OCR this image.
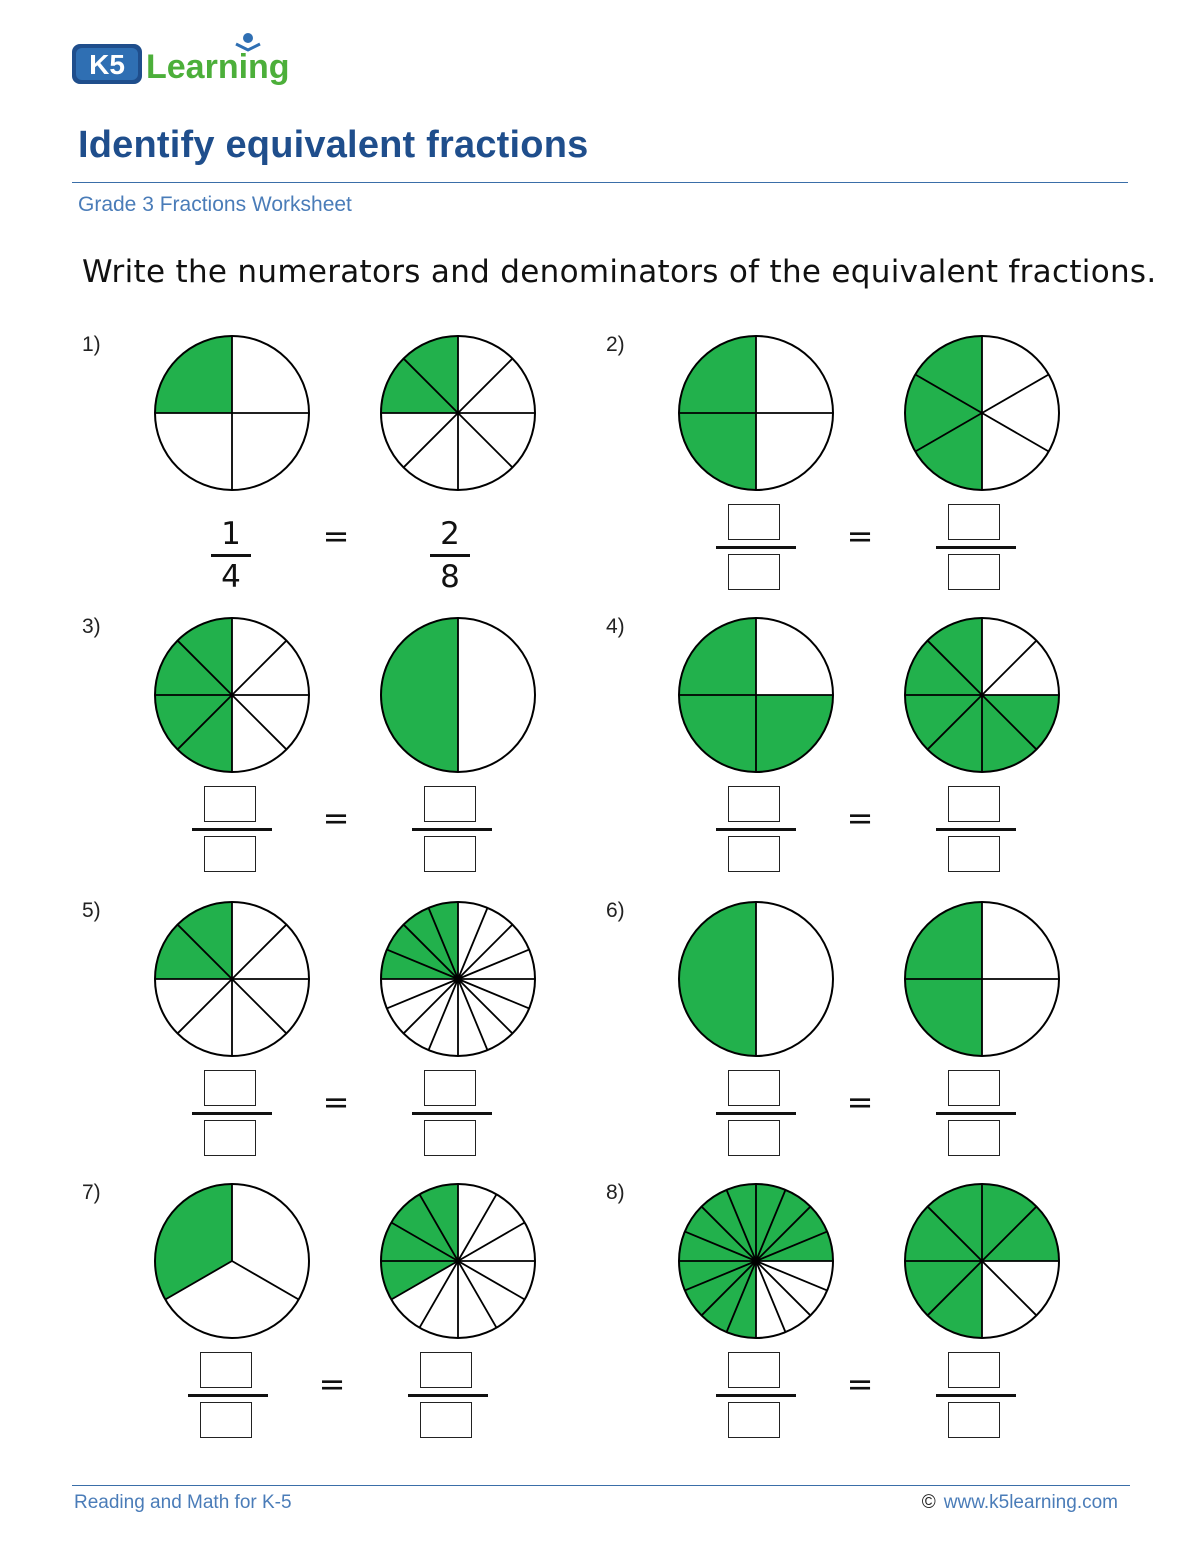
K5 Learning
Identify equivalent fractions
Grade 3 Fractions Worksheet
Write the numerators and denominators of the equivalent fractions.
1)
1
4
=	2
8
2)
=
3)
=
4)
=
5)
=
6)
=
7)
=
8)
=
Reading and Math for K-5	© www.k5learning.com
